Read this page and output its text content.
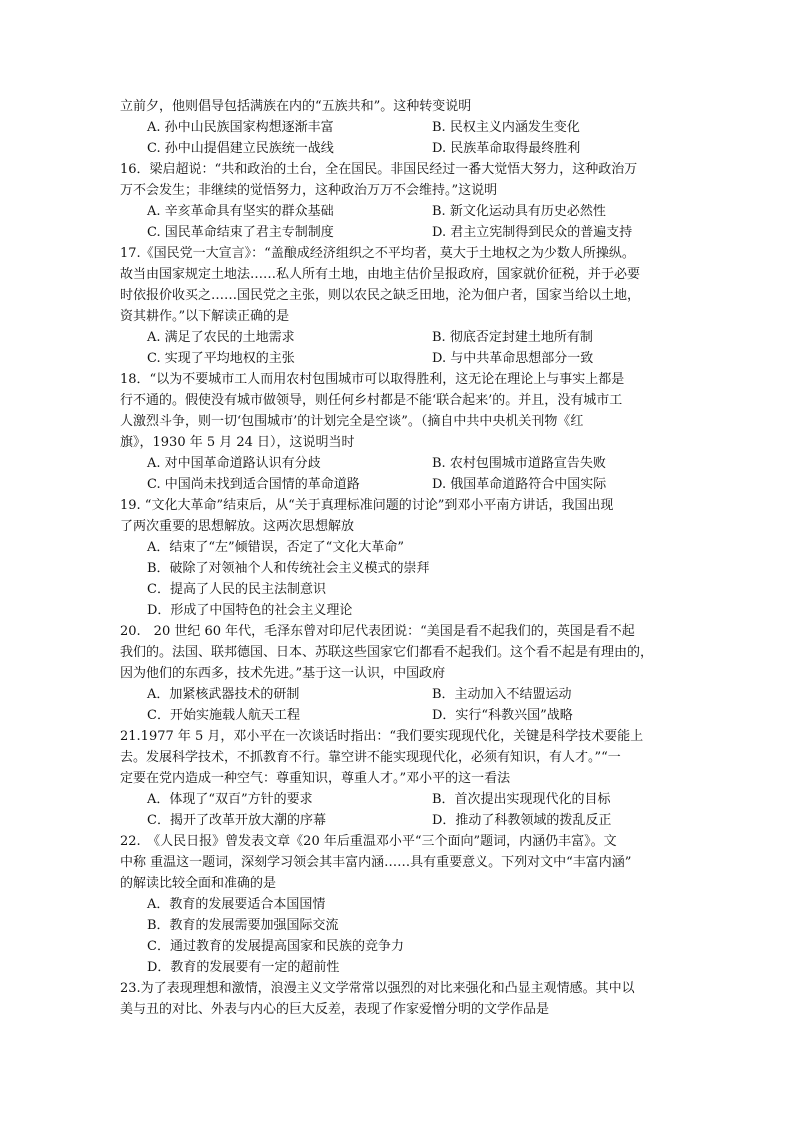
立前夕，他则倡导包括满族在内的“五族共和”。这种转变说明
A. 孙中山民族国家构想逐渐丰富	B. 民权主义内涵发生变化
C. 孙中山提倡建立民族统一战线	D. 民族革命取得最终胜利
16．梁启超说：“共和政治的土台，全在国民。非国民经过一番大觉悟大努力，这种政治万
万不会发生；非继续的觉悟努力，这种政治万万不会维持。”这说明
A. 辛亥革命具有坚实的群众基础	B. 新文化运动具有历史必然性
C. 国民革命结束了君主专制制度	D. 君主立宪制得到民众的普遍支持
17.《国民党一大宣言》：“盖酿成经济组织之不平均者，莫大于土地权之为少数人所操纵。
故当由国家规定土地法……私人所有土地，由地主估价呈报政府，国家就价征税，并于必要
时依报价收买之……国民党之主张，则以农民之缺乏田地，沦为佃户者，国家当给以土地，
资其耕作。”以下解读正确的是
A. 满足了农民的土地需求	B. 彻底否定封建土地所有制
C. 实现了平均地权的主张	D. 与中共革命思想部分一致
18．“以为不要城市工人而用农村包围城市可以取得胜利，这无论在理论上与事实上都是
行不通的。假使没有城市做领导，则任何乡村都是不能‘联合起来’的。并且，没有城市工
人激烈斗争，则一切‘包围城市’的计划完全是空谈”。（摘自中共中央机关刊物《红
旗》，1930 年 5 月 24 日），这说明当时
A. 对中国革命道路认识有分歧	B. 农村包围城市道路宣告失败
C. 中国尚未找到适合国情的革命道路	D. 俄国革命道路符合中国实际
19. “文化大革命”结束后，从“关于真理标准问题的讨论”到邓小平南方讲话，我国出现
了两次重要的思想解放。这两次思想解放
A．结束了“左”倾错误，否定了“文化大革命”
B．破除了对领袖个人和传统社会主义模式的崇拜
C．提高了人民的民主法制意识
D．形成了中国特色的社会主义理论
20.　20 世纪 60 年代，毛泽东曾对印尼代表团说：“美国是看不起我们的，英国是看不起
我们的。法国、联邦德国、日本、苏联这些国家它们都看不起我们。这个看不起是有理由的，
因为他们的东西多，技术先进。”基于这一认识，中国政府
A．加紧核武器技术的研制	B．主动加入不结盟运动
C．开始实施载人航天工程	D．实行“科教兴国”战略
21.1977 年 5 月，邓小平在一次谈话时指出：“我们要实现现代化，关键是科学技术要能上
去。发展科学技术，不抓教育不行。靠空讲不能实现现代化，必须有知识，有人才。”“一
定要在党内造成一种空气：尊重知识，尊重人才。”邓小平的这一看法
A．体现了“双百”方针的要求	B．首次提出实现现代化的目标
C．揭开了改革开放大潮的序幕	D．推动了科教领域的拨乱反正
22.　《人民日报》曾发表文章《20 年后重温邓小平“三个面向”题词，内涵仍丰富》。文
中称 重温这一题词，深刻学习领会其丰富内涵……具有重要意义。下列对文中“丰富内涵”
的解读比较全面和准确的是
A．教育的发展要适合本国国情
B．教育的发展需要加强国际交流
C．通过教育的发展提高国家和民族的竞争力
D．教育的发展要有一定的超前性
23.为了表现理想和激情，浪漫主义文学常常以强烈的对比来强化和凸显主观情感。其中以
美与丑的对比、外表与内心的巨大反差，表现了作家爱憎分明的文学作品是
